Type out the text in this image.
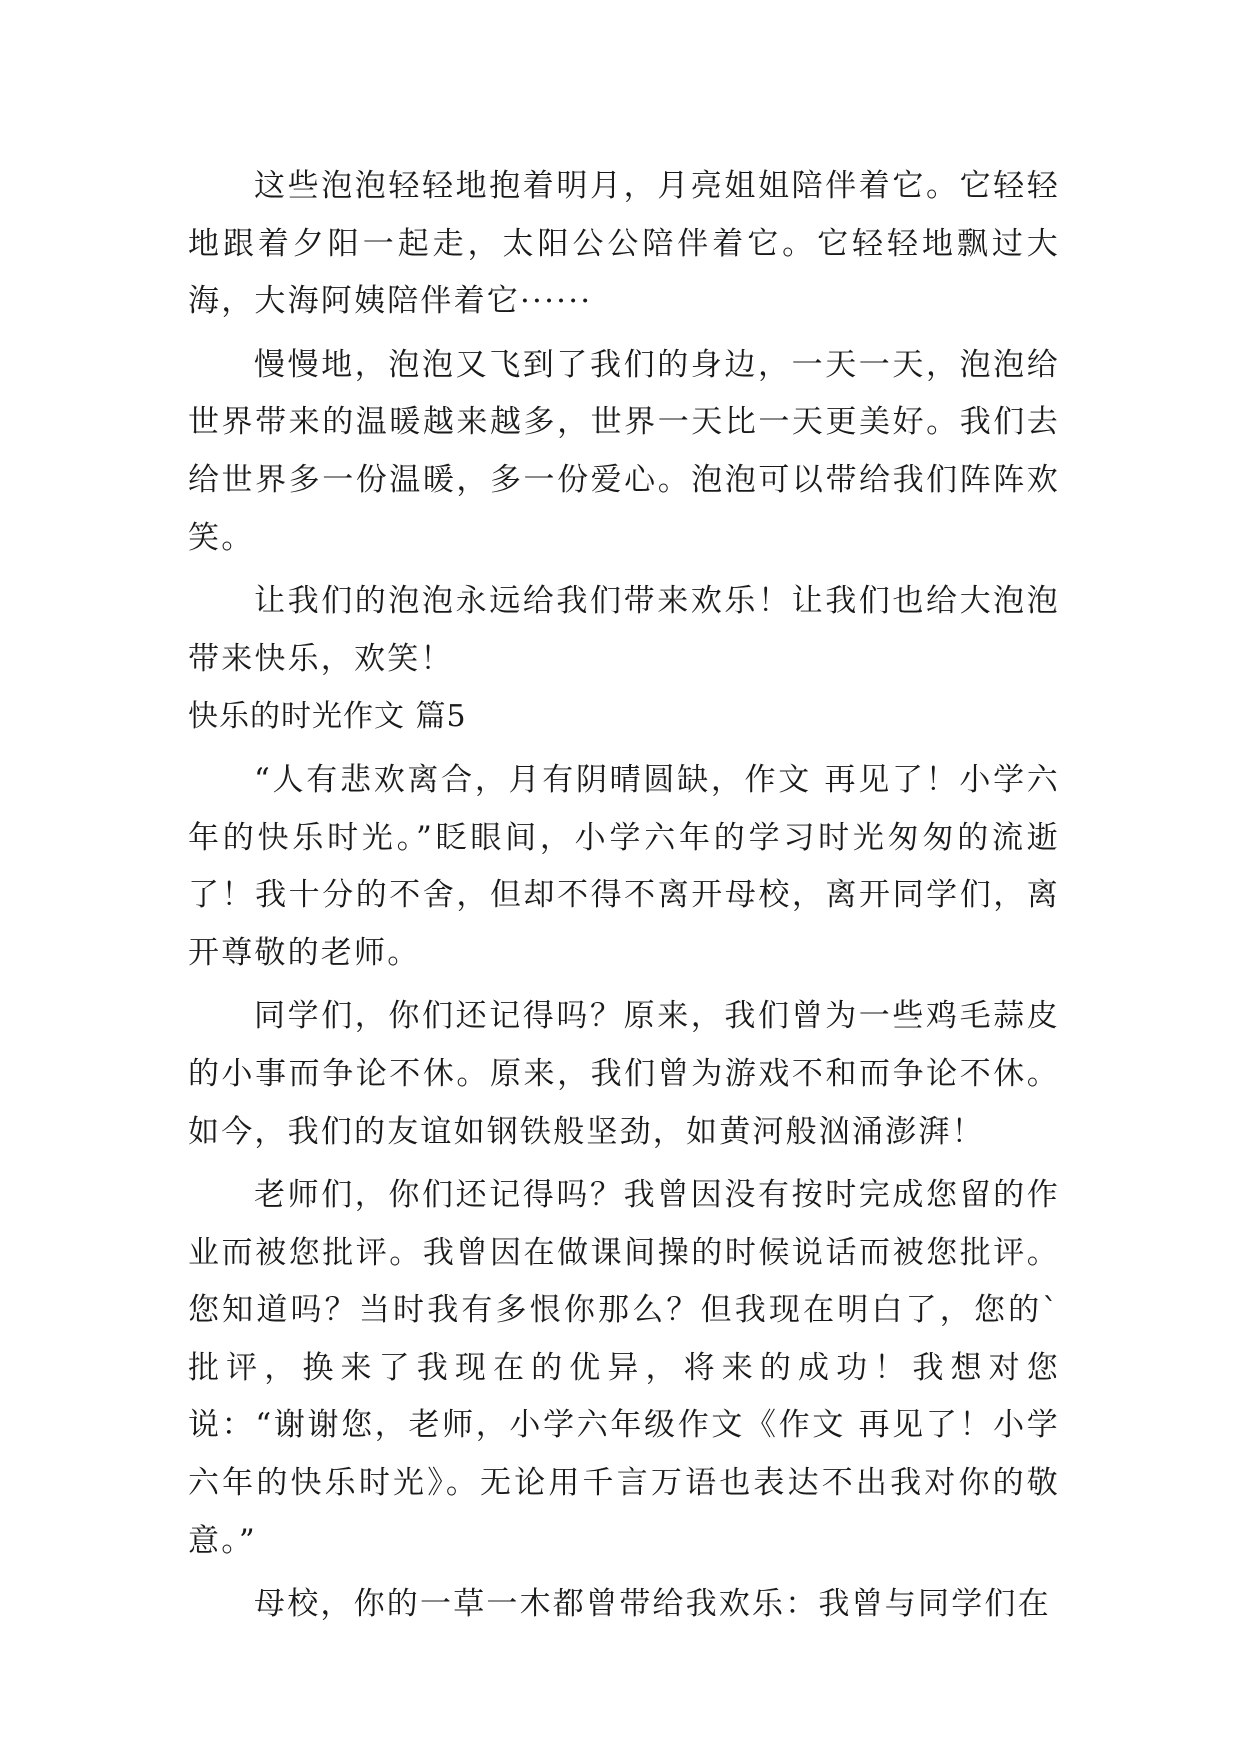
这些泡泡轻轻地抱着明月，月亮姐姐陪伴着它。它轻轻地跟着夕阳一起走，太阳公公陪伴着它。它轻轻地飘过大海，大海阿姨陪伴着它······

慢慢地，泡泡又飞到了我们的身边，一天一天，泡泡给世界带来的温暖越来越多，世界一天比一天更美好。我们去给世界多一份温暖，多一份爱心。泡泡可以带给我们阵阵欢笑。

让我们的泡泡永远给我们带来欢乐！让我们也给大泡泡带来快乐，欢笑！

快乐的时光作文 篇5

“人有悲欢离合，月有阴晴圆缺，作文 再见了！小学六年的快乐时光。”眨眼间，小学六年的学习时光匆匆的流逝了！我十分的不舍，但却不得不离开母校，离开同学们，离开尊敬的老师。

同学们，你们还记得吗？原来，我们曾为一些鸡毛蒜皮的小事而争论不休。原来，我们曾为游戏不和而争论不休。如今，我们的友谊如钢铁般坚劲，如黄河般汹涌澎湃！

老师们，你们还记得吗？我曾因没有按时完成您留的作业而被您批评。我曾因在做课间操的时候说话而被您批评。您知道吗？当时我有多恨你那么？但我现在明白了，您的`批评，换来了我现在的优异，将来的成功！我想对您说：“谢谢您，老师，小学六年级作文《作文 再见了！小学六年的快乐时光》。无论用千言万语也表达不出我对你的敬意。”

母校，你的一草一木都曾带给我欢乐：我曾与同学们在
